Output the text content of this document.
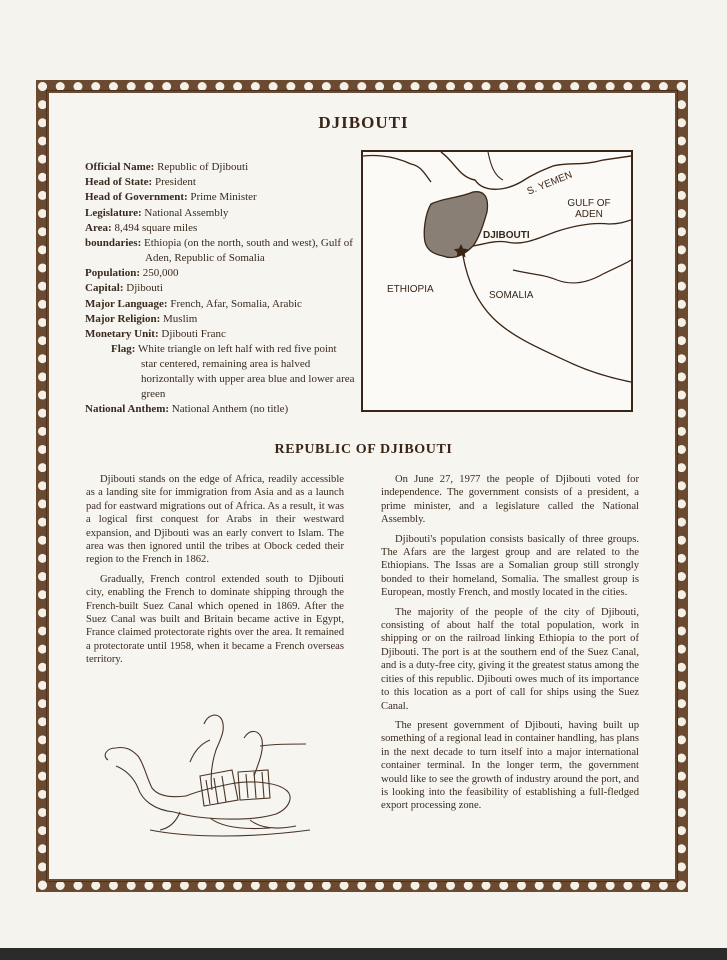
DJIBOUTI
Official Name: Republic of Djibouti
Head of State: President
Head of Government: Prime Minister
Legislature: National Assembly
Area: 8,494 square miles
boundaries: Ethiopia (on the north, south and west), Gulf of Aden, Republic of Somalia
Population: 250,000
Capital: Djibouti
Major Language: French, Afar, Somalia, Arabic
Major Religion: Muslim
Monetary Unit: Djibouti Franc
Flag: White triangle on left half with red five point star centered, remaining area is halved horizontally with upper area blue and lower area green
National Anthem: National Anthem (no title)
S. YEMEN
GULF OF ADEN
DJIBOUTI
ETHIOPIA
SOMALIA
REPUBLIC OF DJIBOUTI

Djibouti stands on the edge of Africa, readily accessible as a landing site for immigration from Asia and as a launch pad for eastward migrations out of Africa. As a result, it was a logical first conquest for Arabs in their westward expansion, and Djibouti was an early convert to Islam. The area was then ignored until the tribes at Obock ceded their region to the French in 1862.

Gradually, French control extended south to Djibouti city, enabling the French to dominate shipping through the French-built Suez Canal which opened in 1869. After the Suez Canal was built and Britain became active in Egypt, France claimed protectorate rights over the area. It remained a protectorate until 1958, when it became a French overseas territory.

On June 27, 1977 the people of Djibouti voted for independence. The government consists of a president, a prime minister, and a legislature called the National Assembly.

Djibouti's population consists basically of three groups. The Afars are the largest group and are related to the Ethiopians. The Issas are a Somalian group still strongly bonded to their homeland, Somalia. The smallest group is European, mostly French, and mostly located in the cities.

The majority of the people of the city of Djibouti, consisting of about half the total population, work in shipping or on the railroad linking Ethiopia to the port of Djibouti. The port is at the southern end of the Suez Canal, and is a duty-free city, giving it the greatest status among the cities of this republic. Djibouti owes much of its importance to this location as a port of call for ships using the Suez Canal.

The present government of Djibouti, having built up something of a regional lead in container handling, has plans in the next decade to turn itself into a major international container terminal. In the longer term, the government would like to see the growth of industry around the port, and is looking into the feasibility of establishing a full-fledged export processing zone.
